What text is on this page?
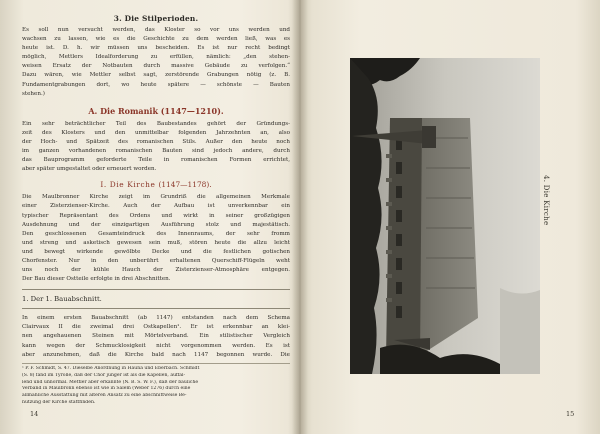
3. Die Stilperioden.
Es soll nun versucht werden, das Kloster so vor uns werden und
wachsen zu lassen, wie es die Geschichte zu dem werden ließ, was es
heute ist. D. h. wir müssen uns bescheiden. Es ist nur recht bedingt
möglich, Mettlers Idealforderung zu erfüllen, nämlich: „den stehen-
weisen Ersatz der Notbauten durch massive Gebäude zu verfolgen.“
Dazu wären, wie Mettler selbst sagt, zerstörende Grabungen nötig (z. B.
Fundamentgrabungen dort, wo heute spätere — schönste — Bauten
stehen.)
A. Die Romanik (1147—1210).
Ein sehr beträchtlicher Teil des Baubestandes gehört der Gründungs-
zeit des Klosters und den unmittelbar folgenden Jahrzehnten an, also
der Hoch- und Spätzeit des romanischen Stils. Außer den heute noch
im ganzen vorhandenen romanischen Bauten sind jedoch andere, durch
das Bauprogramm geforderte Teile in romanischen Formen errichtet,
aber später umgestaltet oder erneuert worden.
I. Die Kirche (1147—1178).
Die Maulbronner Kirche zeigt im Grundriß die allgemeinen Merkmale
einer Zisterzienser-Kirche. Auch der Aufbau ist unverkennbar ein
typischer Repräsentant des Ordens und wirkt in seiner großzügigen
Ausdehnung und der einzigartigen Ausführung stolz und majestätisch.
Den geschlossenen Gesamteindruck des Innenraums, der sehr fromm
und streng und asketisch gewesen sein muß, stören heute die allzu leicht
und bewegt wirkende gewölbte Decke und die festlichen gotischen
Chorfenster. Nur in den unberührt erhaltenen Querschiff-Flügeln weht
uns noch der kühle Hauch der Zisterzienser-Atmosphäre entgegen.
Der Bau dieser Ostteile erfolgte in drei Abschnitten.
1. Der 1. Bauabschnitt.
In einem ersten Bauabschnitt (ab 1147) entstanden nach dem Schema
Clairvaux II die zweimal drei Ostkapellen¹. Er ist erkennbar an klei-
nen angehauenen Steinen mit Mörtelverband. Ein stilistischer Vergleich
kann wegen der Schmucklosigkeit nicht vorgenommen werden. Es ist
aber anzunehmen, daß die Kirche bald nach 1147 begonnen wurde. Die
¹ P. F. Schmidt, S. 47. Dieselbe Anordnung in Hauna und Eberbach. Schmidt
(S. 8) fand im Tyrolle, daß der Chor jünger ist als die Kapellen, auffal-
lend und unnormal. Mettler aber erkannte (N. B. S. W. F.), daß der bauliche
Verband in Maulbronn ebenso ist wie in Salem (Weber 1276) durch eine
allmähliche Ausstattung mit älteren Ansatz zu eine abschnittweise Be-
nutzung der Kirche stattfinden.
14
4. Die Kirche
15
